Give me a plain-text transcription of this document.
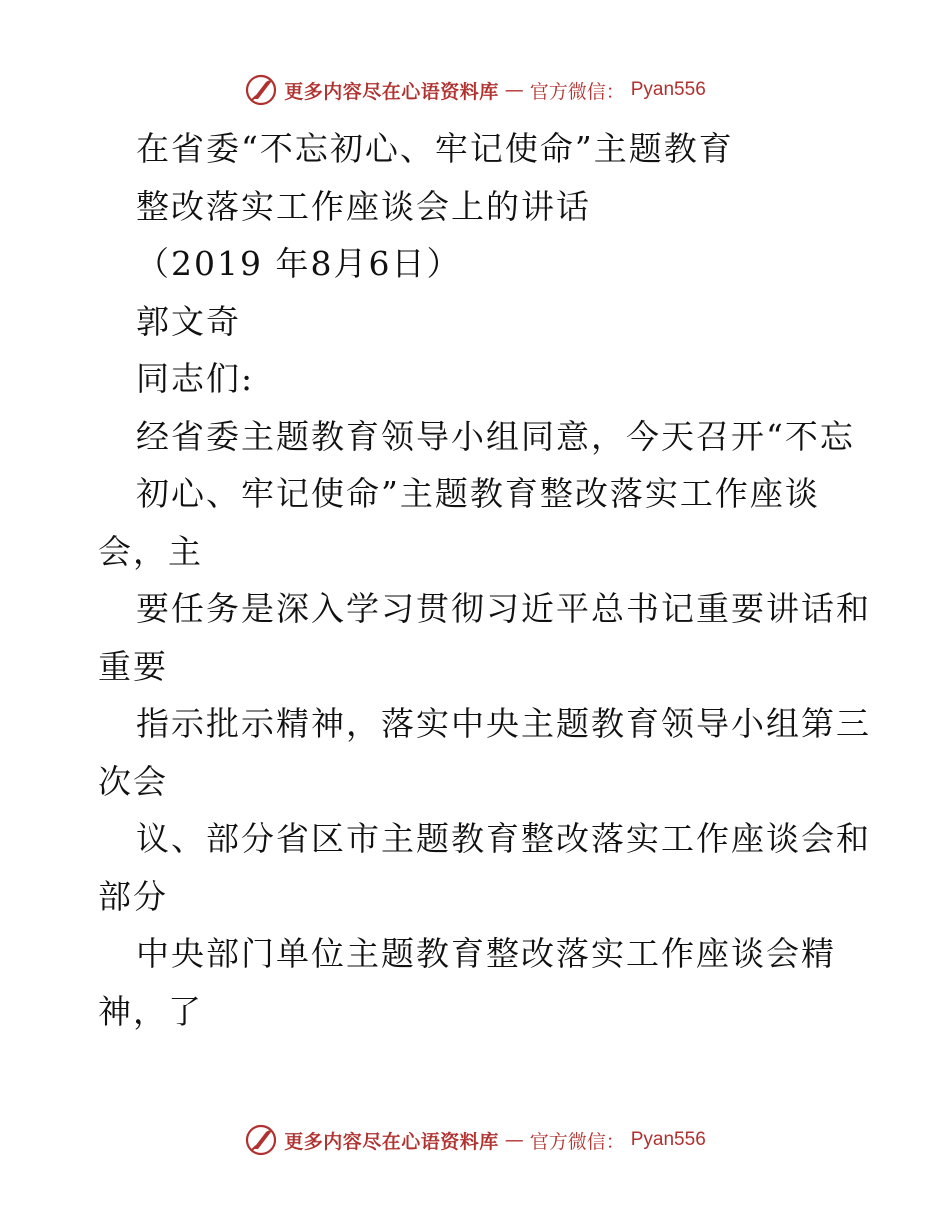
更多内容尽在心语资料库 — 官方微信： Pyan556
在省委“不忘初心、牢记使命”主题教育
整改落实工作座谈会上的讲话
（2019 年8月6日）
郭文奇
同志们:
经省委主题教育领导小组同意，今天召开“不忘
初心、牢记使命”主题教育整改落实工作座谈
会，主
要任务是深入学习贯彻习近平总书记重要讲话和
重要
指示批示精神，落实中央主题教育领导小组第三
次会
议、部分省区市主题教育整改落实工作座谈会和
部分
中央部门单位主题教育整改落实工作座谈会精
神，了
更多内容尽在心语资料库 — 官方微信： Pyan556
